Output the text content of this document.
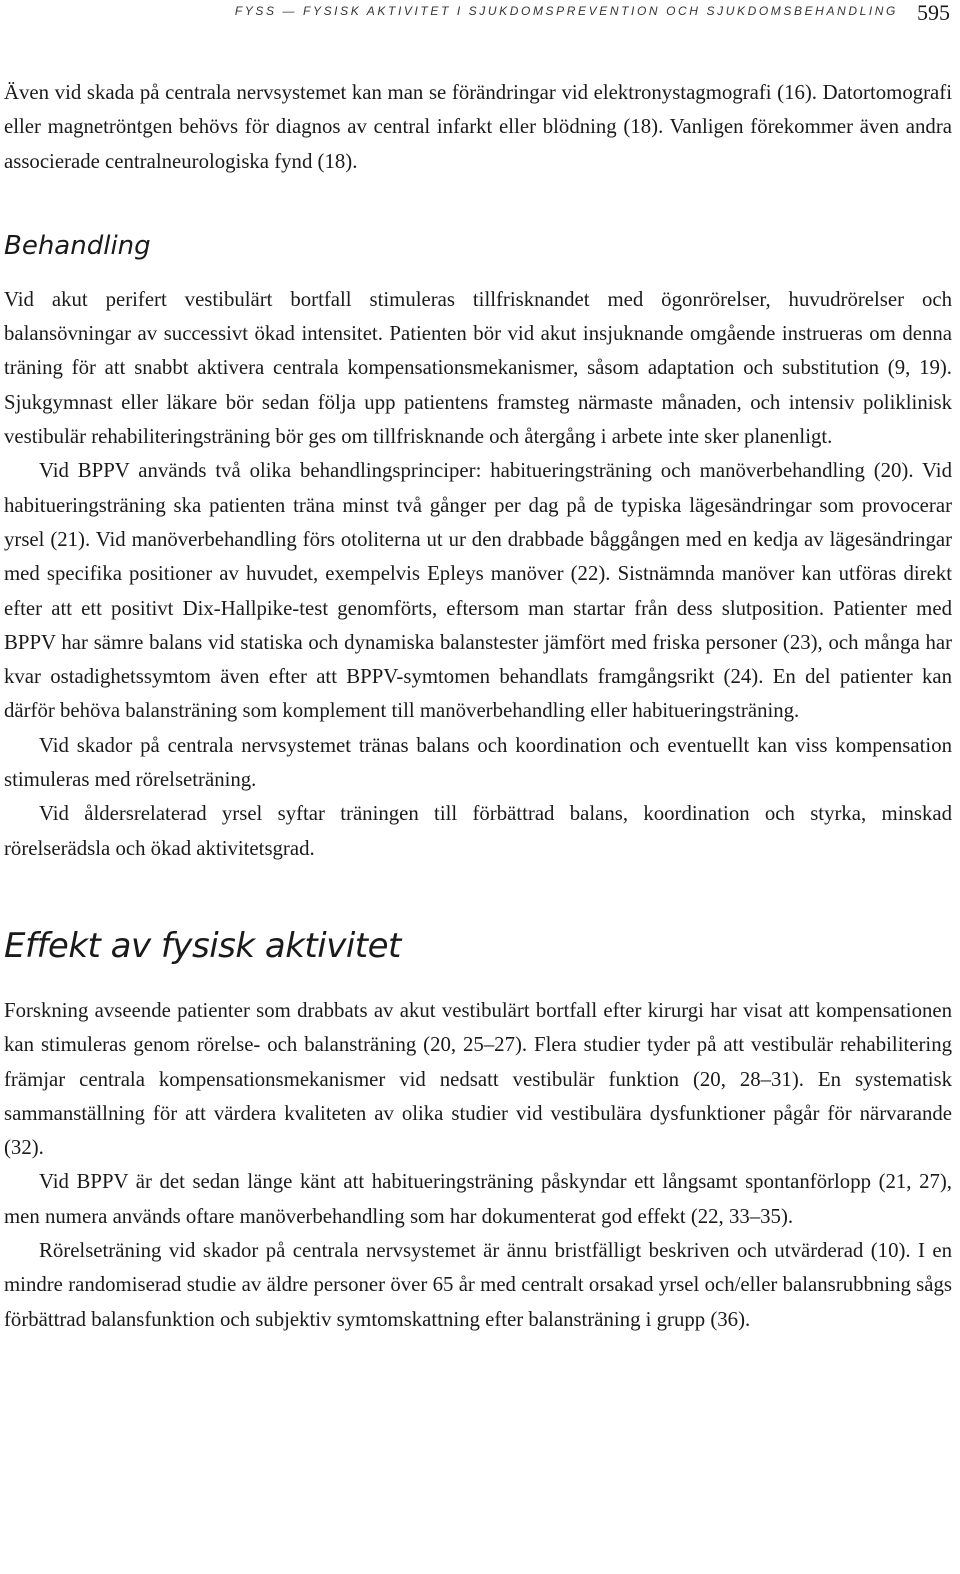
FYSS — FYSISK AKTIVITET I SJUKDOMSPREVENTION OCH SJUKDOMSBEHANDLING 595

Även vid skada på centrala nervsystemet kan man se förändringar vid elektronystagmografi (16). Datortomografi eller magnetröntgen behövs för diagnos av central infarkt eller blödning (18). Vanligen förekommer även andra associerade centralneurologiska fynd (18).

Behandling

Vid akut perifert vestibulärt bortfall stimuleras tillfrisknandet med ögonrörelser, huvudrörelser och balansövningar av successivt ökad intensitet. Patienten bör vid akut insjuknande omgående instrueras om denna träning för att snabbt aktivera centrala kompensationsmekanismer, såsom adaptation och substitution (9, 19). Sjukgymnast eller läkare bör sedan följa upp patientens framsteg närmaste månaden, och intensiv poliklinisk vestibulär rehabiliteringsträning bör ges om tillfrisknande och återgång i arbete inte sker planenligt.

Vid BPPV används två olika behandlingsprinciper: habitueringsträning och manöverbehandling (20). Vid habitueringsträning ska patienten träna minst två gånger per dag på de typiska lägesändringar som provocerar yrsel (21). Vid manöverbehandling förs otoliterna ut ur den drabbade båggången med en kedja av lägesändringar med specifika positioner av huvudet, exempelvis Epleys manöver (22). Sistnämnda manöver kan utföras direkt efter att ett positivt Dix-Hallpike-test genomförts, eftersom man startar från dess slutposition. Patienter med BPPV har sämre balans vid statiska och dynamiska balanstester jämfört med friska personer (23), och många har kvar ostadighetssymtom även efter att BPPV-symtomen behandlats framgångsrikt (24). En del patienter kan därför behöva balansträning som komplement till manöverbehandling eller habitueringsträning.

Vid skador på centrala nervsystemet tränas balans och koordination och eventuellt kan viss kompensation stimuleras med rörelseträning.

Vid åldersrelaterad yrsel syftar träningen till förbättrad balans, koordination och styrka, minskad rörelserädsla och ökad aktivitetsgrad.

Effekt av fysisk aktivitet

Forskning avseende patienter som drabbats av akut vestibulärt bortfall efter kirurgi har visat att kompensationen kan stimuleras genom rörelse- och balansträning (20, 25–27). Flera studier tyder på att vestibulär rehabilitering främjar centrala kompensationsmekanismer vid nedsatt vestibulär funktion (20, 28–31). En systematisk sammanställning för att värdera kvaliteten av olika studier vid vestibulära dysfunktioner pågår för närvarande (32).

Vid BPPV är det sedan länge känt att habitueringsträning påskyndar ett långsamt spontanförlopp (21, 27), men numera används oftare manöverbehandling som har dokumenterat god effekt (22, 33–35).

Rörelseträning vid skador på centrala nervsystemet är ännu bristfälligt beskriven och utvärderad (10). I en mindre randomiserad studie av äldre personer över 65 år med centralt orsakad yrsel och/eller balansrubbning sågs förbättrad balansfunktion och subjektiv symtomskattning efter balansträning i grupp (36).
